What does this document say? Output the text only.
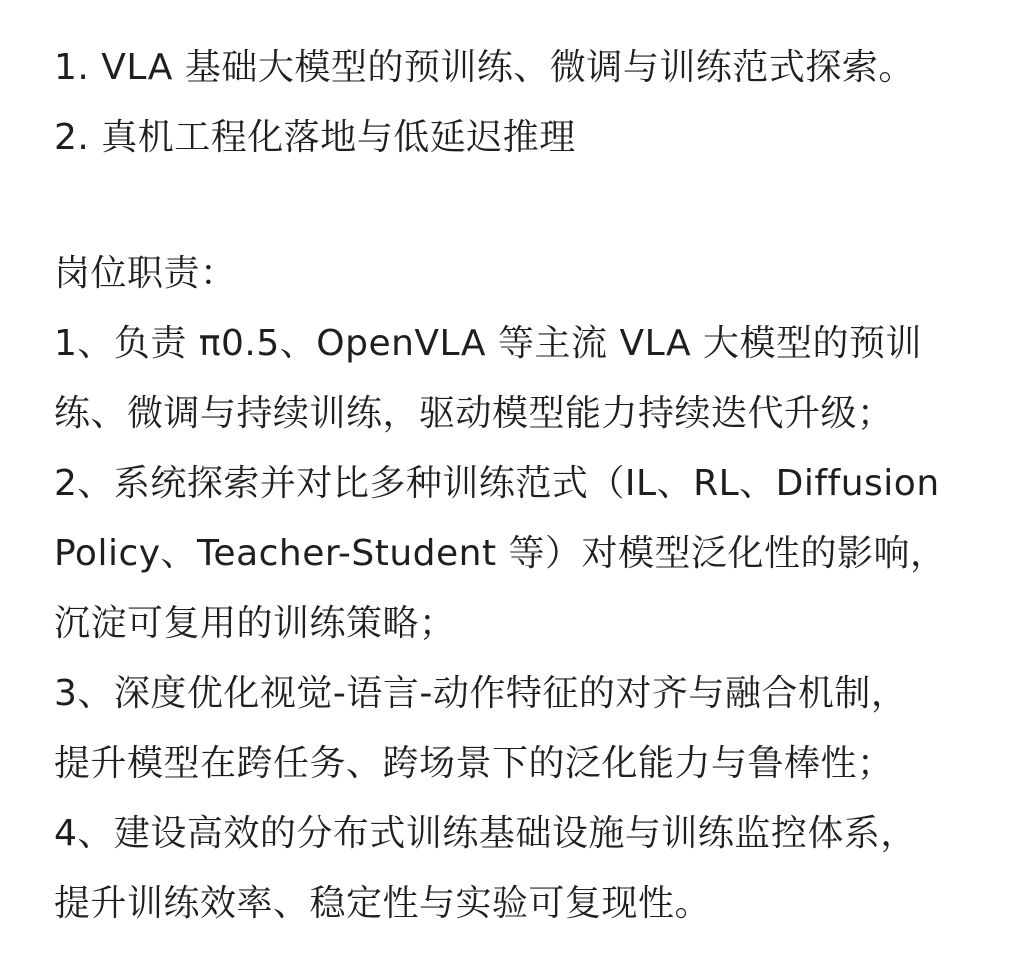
1. VLA 基础大模型的预训练、微调与训练范式探索。
2. 真机工程化落地与低延迟推理
岗位职责：
1、负责 π0.5、OpenVLA 等主流 VLA 大模型的预训
练、微调与持续训练，驱动模型能力持续迭代升级；
2、系统探索并对比多种训练范式（IL、RL、Diffusion
Policy、Teacher-Student 等）对模型泛化性的影响，
沉淀可复用的训练策略；
3、深度优化视觉-语言-动作特征的对齐与融合机制，
提升模型在跨任务、跨场景下的泛化能力与鲁棒性；
4、建设高效的分布式训练基础设施与训练监控体系，
提升训练效率、稳定性与实验可复现性。
